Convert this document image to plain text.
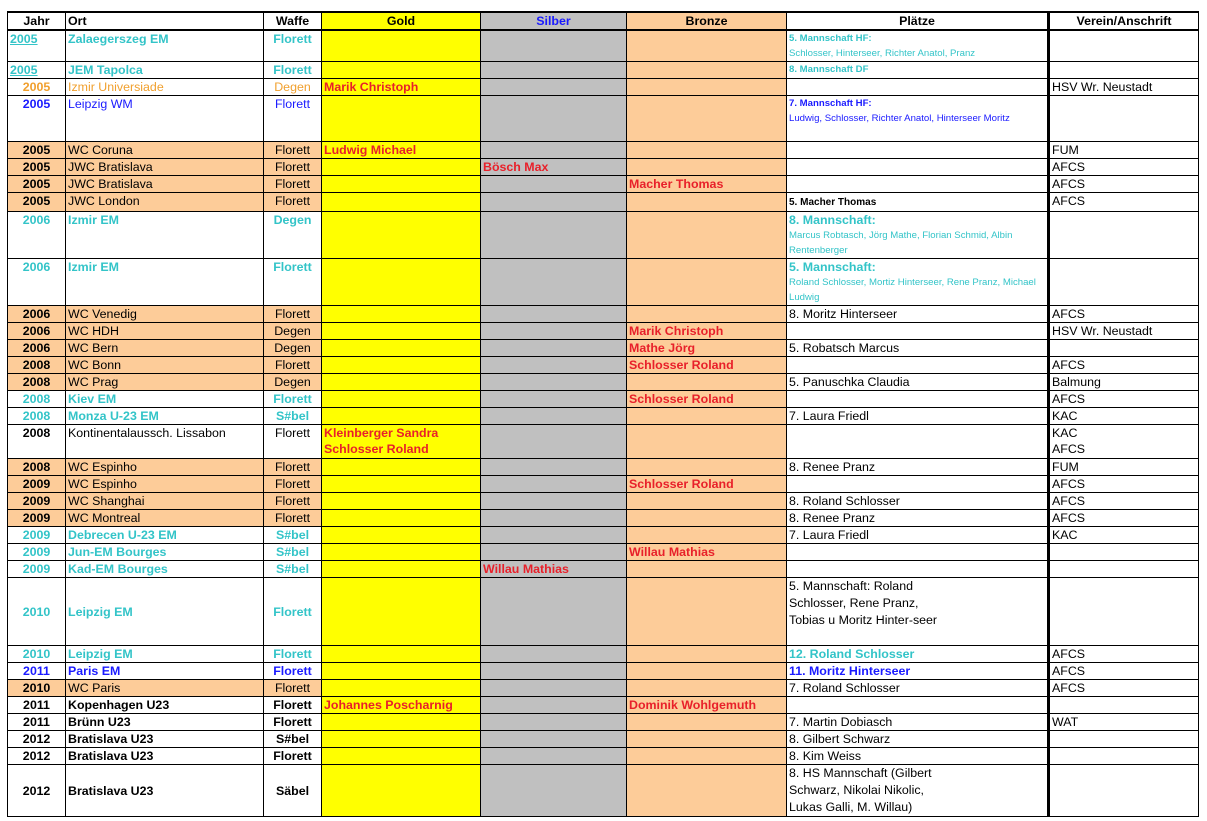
Jahr	Ort	Waffe	Gold	Silber	Bronze	Plätze	Verein/Anschrift
2005	Zalaegerszeg EM	Florett				5. Mannschaft HF:
Schlosser, Hinterseer, Richter Anatol, Pranz	

2005	JEM Tapolca	Florett				8. Mannschaft DF	

2005	Izmir Universiade	Degen	Marik Christoph				HSV Wr. Neustadt
2005	Leipzig WM	Florett				7. Mannschaft HF:
Ludwig, Schlosser, Richter Anatol, Hinterseer Moritz	

2005	WC Coruna	Florett	Ludwig Michael				FUM
2005	JWC Bratislava	Florett		Bösch Max			AFCS
2005	JWC Bratislava	Florett			Macher Thomas		AFCS
2005	JWC London	Florett				5. Macher Thomas	AFCS
2006	Izmir EM	Degen				8. Mannschaft:
Marcus Robtasch, Jörg Mathe, Florian Schmid, Albin Rentenberger	

2006	Izmir EM	Florett				5. Mannschaft:
Roland Schlosser, Mortiz Hinterseer, Rene Pranz, Michael Ludwig	

2006	WC Venedig	Florett				8. Moritz Hinterseer	AFCS
2006	WC HDH	Degen			Marik Christoph		HSV Wr. Neustadt
2006	WC Bern	Degen			Mathe Jörg	5. Robatsch Marcus	
2008	WC Bonn	Florett			Schlosser Roland		AFCS
2008	WC Prag	Degen				5. Panuschka Claudia	Balmung
2008	Kiev EM	Florett			Schlosser Roland		AFCS
2008	Monza U-23 EM	S#bel				7. Laura Friedl	KAC
2008	Kontinentalaussch. Lissabon	Florett	Kleinberger Sandra
Schlosser Roland				KAC
AFCS
2008	WC Espinho	Florett				8. Renee Pranz	FUM
2009	WC Espinho	Florett			Schlosser Roland		AFCS
2009	WC Shanghai	Florett				8. Roland Schlosser	AFCS
2009	WC Montreal	Florett				8. Renee Pranz	AFCS
2009	Debrecen U-23 EM	S#bel				7. Laura Friedl	KAC
2009	Jun-EM Bourges	S#bel			Willau Mathias		
2009	Kad-EM Bourges	S#bel		Willau Mathias			
2010	Leipzig EM	Florett				5. Mannschaft: Roland Schlosser, Rene Pranz, Tobias u Moritz Hinter-seer	

2010	Leipzig EM	Florett				12. Roland Schlosser	AFCS
2011	Paris EM	Florett				11. Moritz Hinterseer	AFCS
2010	WC Paris	Florett				7. Roland Schlosser	AFCS
2011	Kopenhagen U23	Florett	Johannes Poscharnig		Dominik Wohlgemuth		
2011	Brünn U23	Florett				7. Martin Dobiasch	WAT
2012	Bratislava U23	S#bel				8. Gilbert Schwarz	
2012	Bratislava U23	Florett				8. Kim Weiss	
2012	Bratislava U23	Säbel				8. HS Mannschaft (Gilbert Schwarz, Nikolai Nikolic, Lukas Galli, M. Willau)	
